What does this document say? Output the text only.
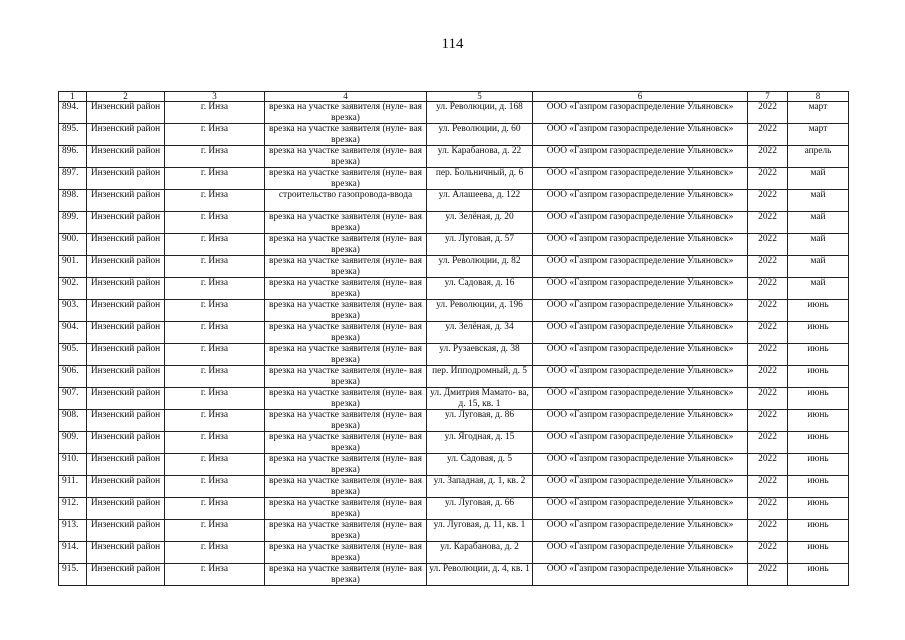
114
1	2	3	4	5	6	7	8
894.	Инзенский район	г. Инза	врезка на участке заявителя (нуле- вая врезка)	ул. Революции, д. 168	ООО «Газпром газораспределение Ульяновск»	2022	март
895.	Инзенский район	г. Инза	врезка на участке заявителя (нуле- вая врезка)	ул. Революции, д. 60	ООО «Газпром газораспределение Ульяновск»	2022	март
896.	Инзенский район	г. Инза	врезка на участке заявителя (нуле- вая врезка)	ул. Карабанова, д. 22	ООО «Газпром газораспределение Ульяновск»	2022	апрель
897.	Инзенский район	г. Инза	врезка на участке заявителя (нуле- вая врезка)	пер. Больничный, д. 6	ООО «Газпром газораспределение Ульяновск»	2022	май
898.	Инзенский район	г. Инза	строительство газопровода-ввода	ул. Алашеева, д. 122	ООО «Газпром газораспределение Ульяновск»	2022	май
899.	Инзенский район	г. Инза	врезка на участке заявителя (нуле- вая врезка)	ул. Зелёная, д. 20	ООО «Газпром газораспределение Ульяновск»	2022	май
900.	Инзенский район	г. Инза	врезка на участке заявителя (нуле- вая врезка)	ул. Луговая, д. 57	ООО «Газпром газораспределение Ульяновск»	2022	май
901.	Инзенский район	г. Инза	врезка на участке заявителя (нуле- вая врезка)	ул. Революции, д. 82	ООО «Газпром газораспределение Ульяновск»	2022	май
902.	Инзенский район	г. Инза	врезка на участке заявителя (нуле- вая врезка)	ул. Садовая, д. 16	ООО «Газпром газораспределение Ульяновск»	2022	май
903.	Инзенский район	г. Инза	врезка на участке заявителя (нуле- вая врезка)	ул. Революции, д. 196	ООО «Газпром газораспределение Ульяновск»	2022	июнь
904.	Инзенский район	г. Инза	врезка на участке заявителя (нуле- вая врезка)	ул. Зелёная, д. 34	ООО «Газпром газораспределение Ульяновск»	2022	июнь
905.	Инзенский район	г. Инза	врезка на участке заявителя (нуле- вая врезка)	ул. Рузаевская, д. 38	ООО «Газпром газораспределение Ульяновск»	2022	июнь
906.	Инзенский район	г. Инза	врезка на участке заявителя (нуле- вая врезка)	пер. Ипподромный, д. 5	ООО «Газпром газораспределение Ульяновск»	2022	июнь
907.	Инзенский район	г. Инза	врезка на участке заявителя (нуле- вая врезка)	ул. Дмитрия Мамато- ва, д. 15, кв. 1	ООО «Газпром газораспределение Ульяновск»	2022	июнь
908.	Инзенский район	г. Инза	врезка на участке заявителя (нуле- вая врезка)	ул. Луговая, д. 86	ООО «Газпром газораспределение Ульяновск»	2022	июнь
909.	Инзенский район	г. Инза	врезка на участке заявителя (нуле- вая врезка)	ул. Ягодная, д. 15	ООО «Газпром газораспределение Ульяновск»	2022	июнь
910.	Инзенский район	г. Инза	врезка на участке заявителя (нуле- вая врезка)	ул. Садовая, д. 5	ООО «Газпром газораспределение Ульяновск»	2022	июнь
911.	Инзенский район	г. Инза	врезка на участке заявителя (нуле- вая врезка)	ул. Западная, д. 1, кв. 2	ООО «Газпром газораспределение Ульяновск»	2022	июнь
912.	Инзенский район	г. Инза	врезка на участке заявителя (нуле- вая врезка)	ул. Луговая, д. 66	ООО «Газпром газораспределение Ульяновск»	2022	июнь
913.	Инзенский район	г. Инза	врезка на участке заявителя (нуле- вая врезка)	ул. Луговая, д. 11, кв. 1	ООО «Газпром газораспределение Ульяновск»	2022	июнь
914.	Инзенский район	г. Инза	врезка на участке заявителя (нуле- вая врезка)	ул. Карабанова, д. 2	ООО «Газпром газораспределение Ульяновск»	2022	июнь
915.	Инзенский район	г. Инза	врезка на участке заявителя (нуле- вая врезка)	ул. Революции, д. 4, кв. 1	ООО «Газпром газораспределение Ульяновск»	2022	июнь
